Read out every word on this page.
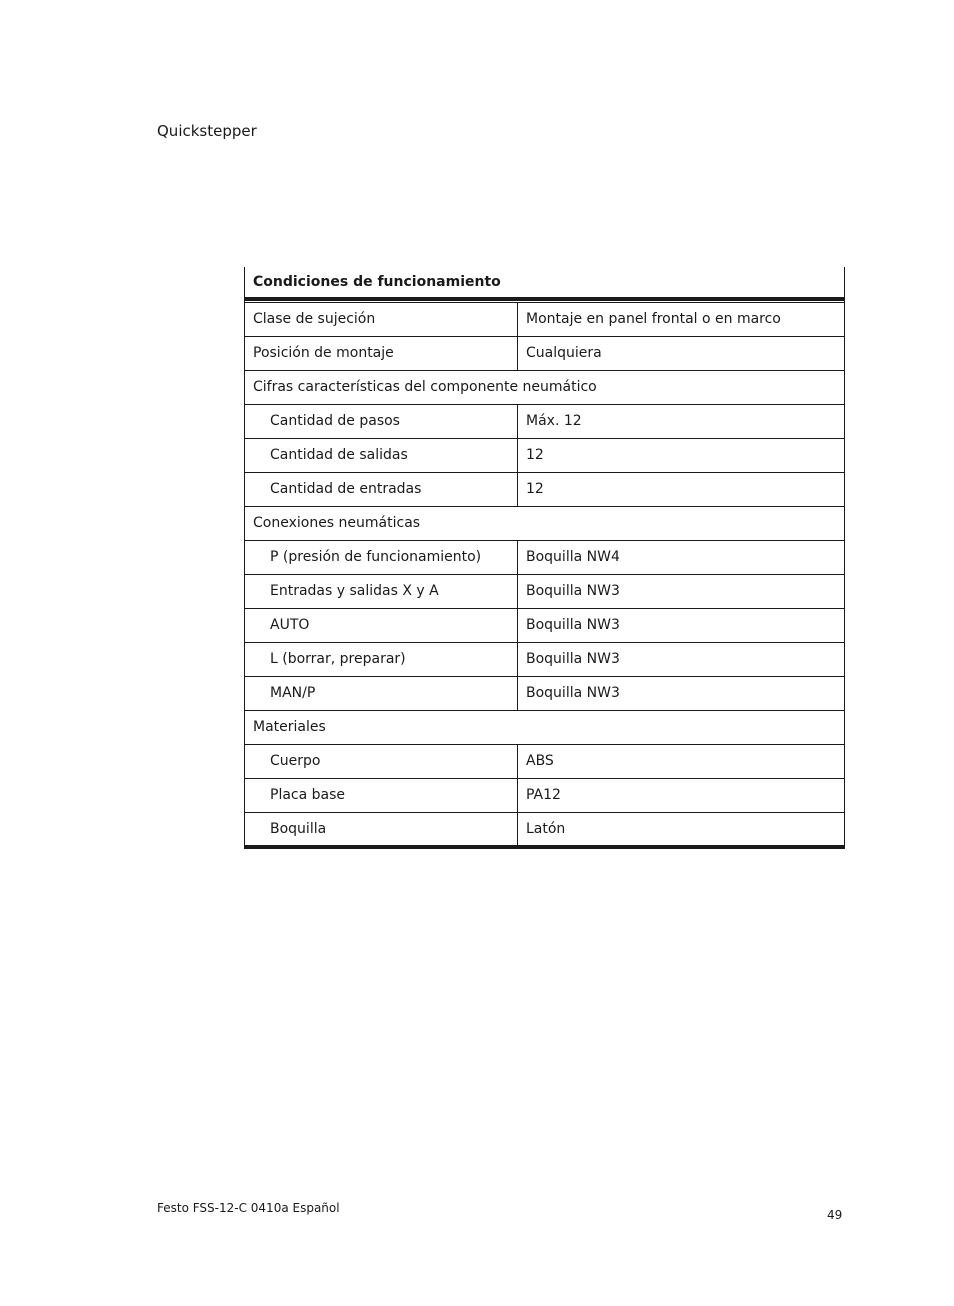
Quickstepper
Condiciones de funcionamiento	

Clase de sujeción	Montaje en panel frontal o en marco
Posición de montaje	Cualquiera
Cifras características del componente neumático	
Cantidad de pasos	Máx. 12
Cantidad de salidas	12
Cantidad de entradas	12
Conexiones neumáticas	
P (presión de funcionamiento)	Boquilla NW4
Entradas y salidas X y A	Boquilla NW3
AUTO	Boquilla NW3
L (borrar, preparar)	Boquilla NW3
MAN/P	Boquilla NW3
Materiales	
Cuerpo	ABS
Placa base	PA12
Boquilla	Latón
Festo FSS-12-C 0410a Español	49
